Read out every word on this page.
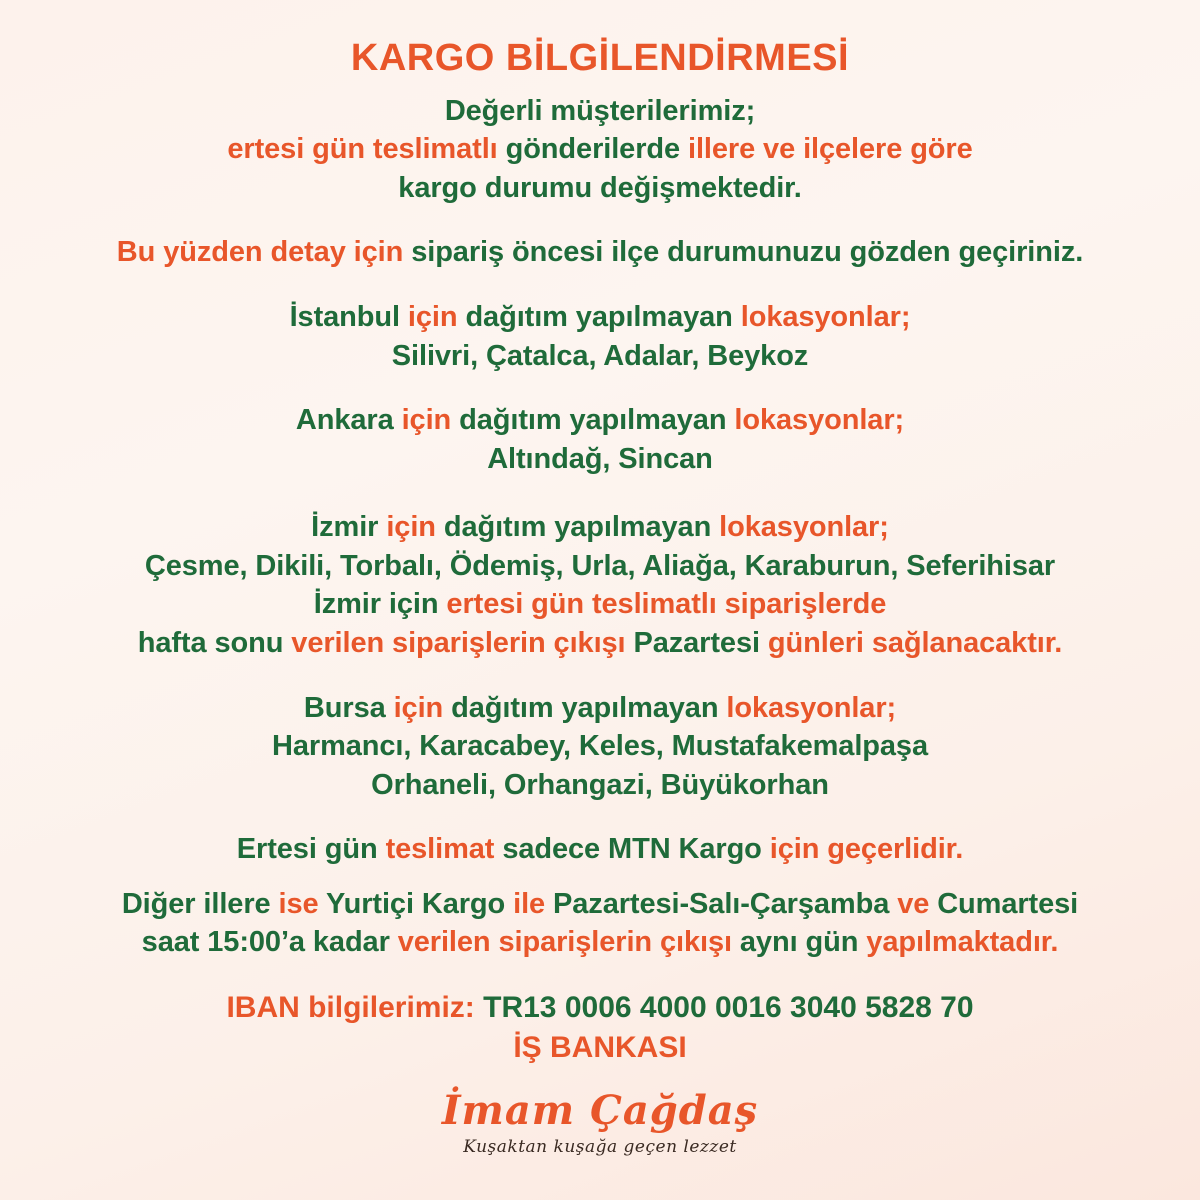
KARGO BİLGİLENDİRMESİ
Değerli müşterilerimiz;
ertesi gün teslimatlı gönderilerde illere ve ilçelere göre
kargo durumu değişmektedir.
Bu yüzden detay için sipariş öncesi ilçe durumunuzu gözden geçiriniz.
İstanbul için dağıtım yapılmayan lokasyonlar;
Silivri, Çatalca, Adalar, Beykoz
Ankara için dağıtım yapılmayan lokasyonlar;
Altındağ, Sincan
İzmir için dağıtım yapılmayan lokasyonlar;
Çesme, Dikili, Torbalı, Ödemiş, Urla, Aliağa, Karaburun, Seferihisar
İzmir için ertesi gün teslimatlı siparişlerde
hafta sonu verilen siparişlerin çıkışı Pazartesi günleri sağlanacaktır.
Bursa için dağıtım yapılmayan lokasyonlar;
Harmancı, Karacabey, Keles, Mustafakemalpaşa
Orhaneli, Orhangazi, Büyükorhan
Ertesi gün teslimat sadece MTN Kargo için geçerlidir.
Diğer illere ise Yurtiçi Kargo ile Pazartesi-Salı-Çarşamba ve Cumartesi
saat 15:00’a kadar verilen siparişlerin çıkışı aynı gün yapılmaktadır.
IBAN bilgilerimiz: TR13 0006 4000 0016 3040 5828 70
İŞ BANKASI
İmam Çağdaş
Kuşaktan kuşağa geçen lezzet
